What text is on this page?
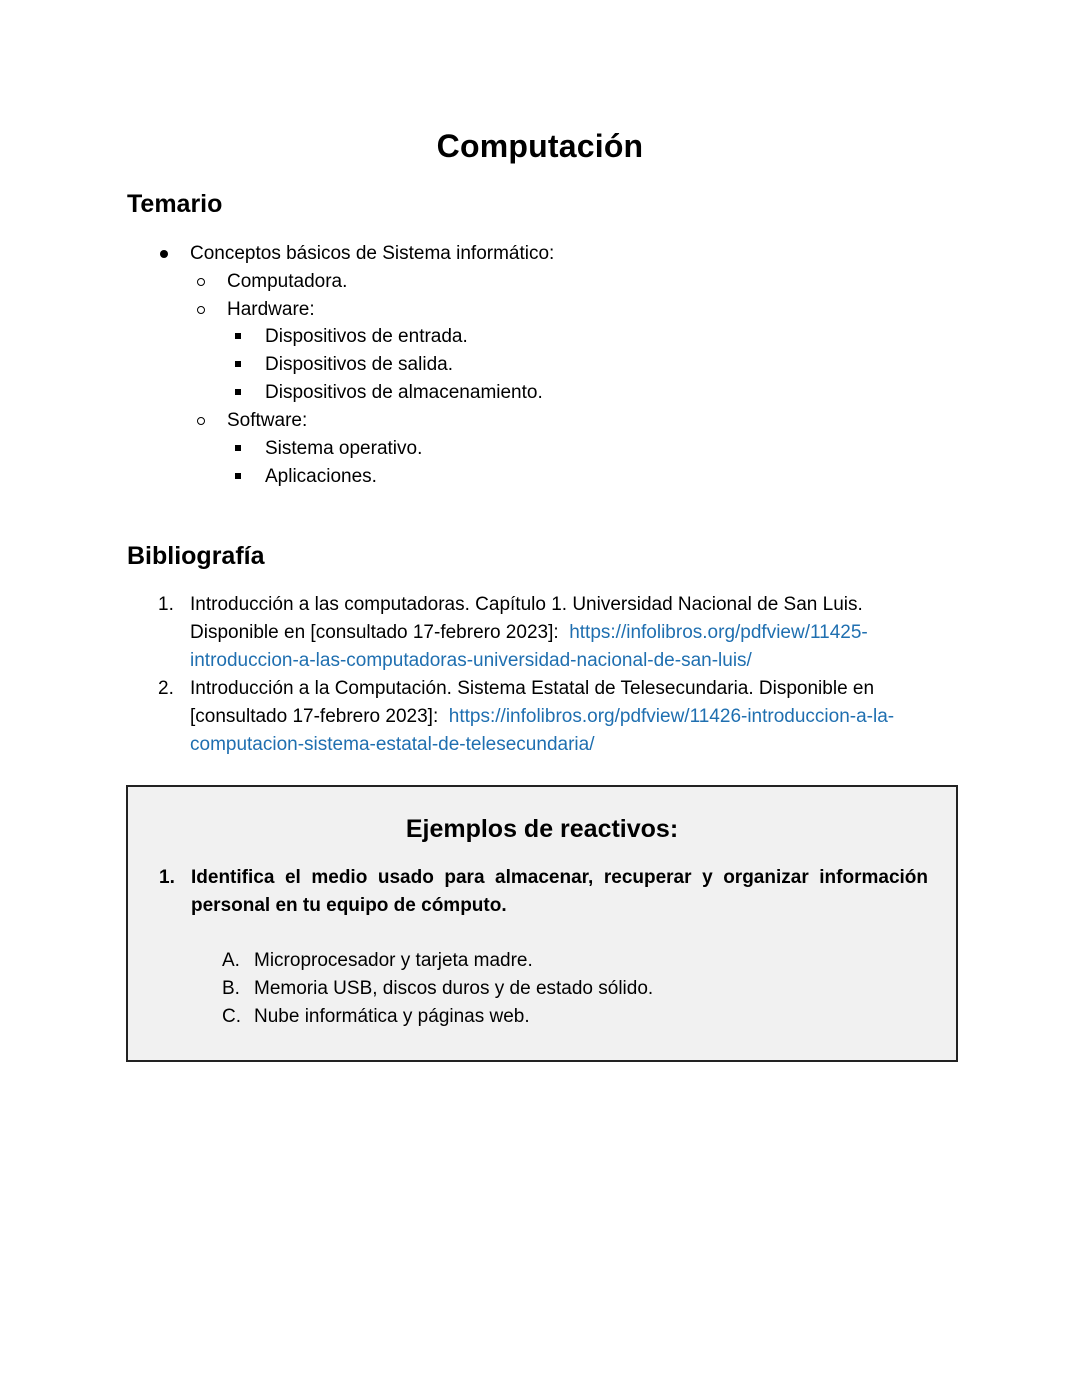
Computación
Temario
Conceptos básicos de Sistema informático:
Computadora.
Hardware:
Dispositivos de entrada.
Dispositivos de salida.
Dispositivos de almacenamiento.
Software:
Sistema operativo.
Aplicaciones.
Bibliografía
1. Introducción a las computadoras. Capítulo 1. Universidad Nacional de San Luis.
Disponible en [consultado 17-febrero 2023]: https://infolibros.org/pdfview/11425-
introduccion-a-las-computadoras-universidad-nacional-de-san-luis/
2. Introducción a la Computación. Sistema Estatal de Telesecundaria. Disponible en
[consultado 17-febrero 2023]: https://infolibros.org/pdfview/11426-introduccion-a-la-
computacion-sistema-estatal-de-telesecundaria/
Ejemplos de reactivos:
1. Identifica el medio usado para almacenar, recuperar y organizar información personal en tu equipo de cómputo.
A. Microprocesador y tarjeta madre.
B. Memoria USB, discos duros y de estado sólido.
C. Nube informática y páginas web.
